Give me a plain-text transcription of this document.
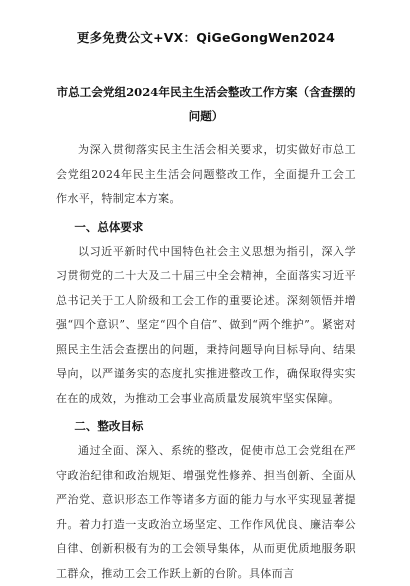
更多免费公文+VX：QiGeGongWen2024
市总工会党组2024年民主生活会整改工作方案（含查摆的问题）

为深入贯彻落实民主生活会相关要求，切实做好市总工会党组2024年民主生活会问题整改工作，全面提升工会工作水平，特制定本方案。

一、总体要求

以习近平新时代中国特色社会主义思想为指引，深入学习贯彻党的二十大及二十届三中全会精神，全面落实习近平总书记关于工人阶级和工会工作的重要论述。深刻领悟并增强“四个意识”、坚定“四个自信”、做到“两个维护”。紧密对照民主生活会查摆出的问题，秉持问题导向目标导向、结果导向，以严谨务实的态度扎实推进整改工作，确保取得实实在在的成效，为推动工会事业高质量发展筑牢坚实保障。

二、整改目标

通过全面、深入、系统的整改，促使市总工会党组在严守政治纪律和政治规矩、增强党性修养、担当创新、全面从严治党、意识形态工作等诸多方面的能力与水平实现显著提升。着力打造一支政治立场坚定、工作作风优良、廉洁奉公自律、创新积极有为的工会领导集体，从而更优质地服务职工群众，推动工会工作跃上新的台阶。具体而言
